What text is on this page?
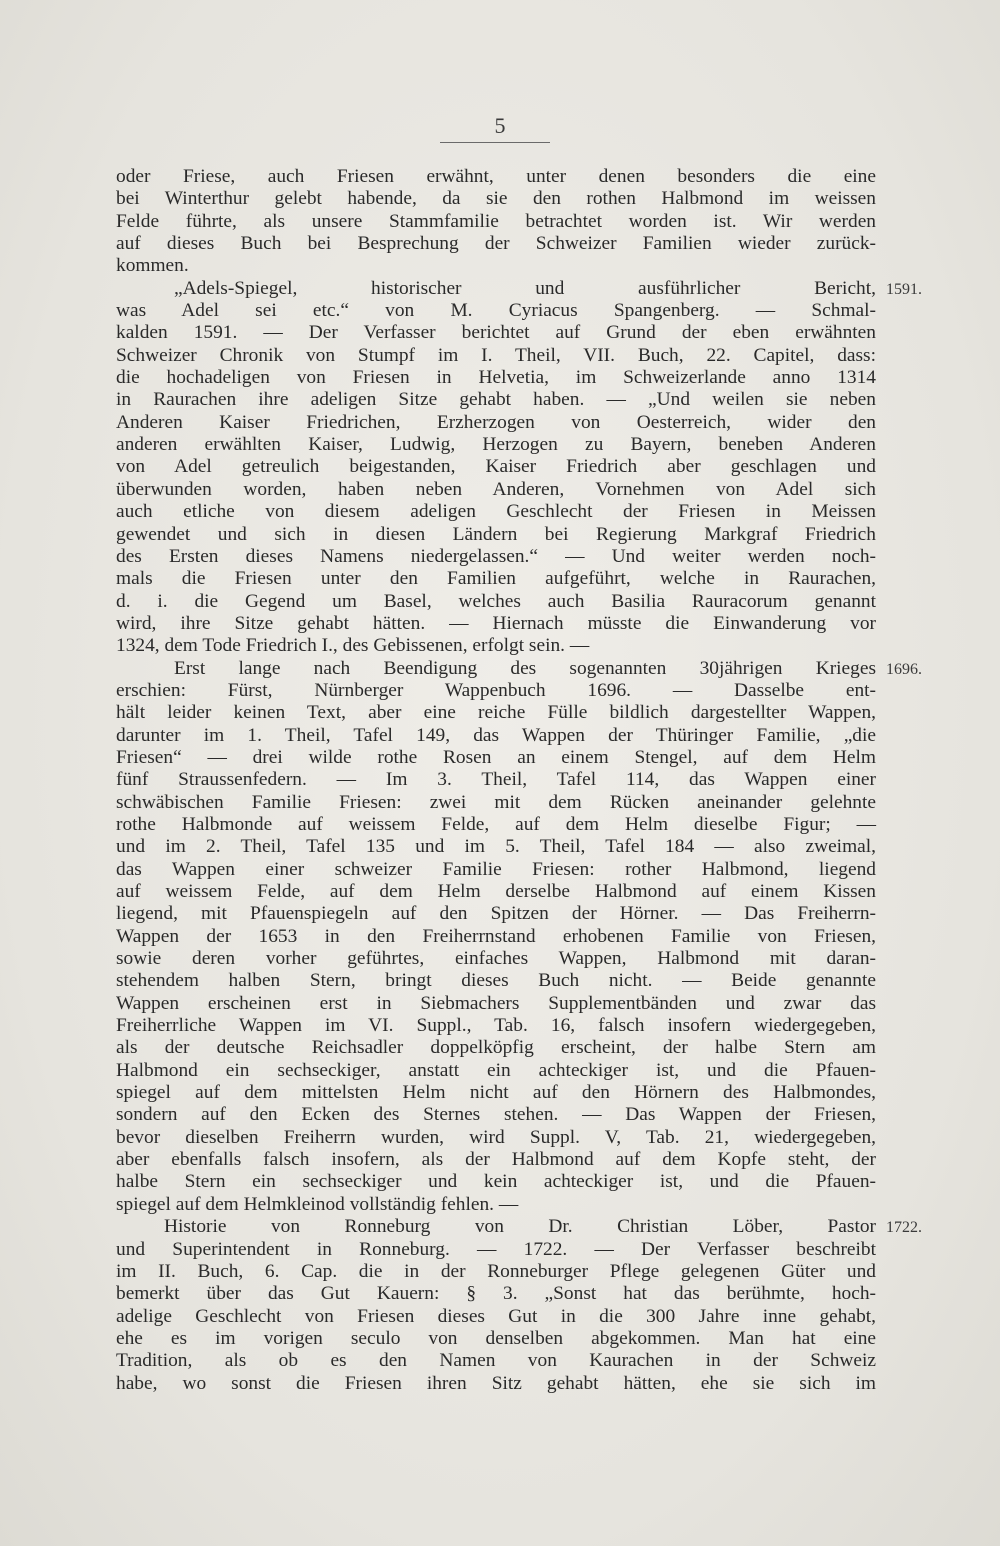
5
oder Friese, auch Friesen erwähnt, unter denen besonders die eine
bei Winterthur gelebt habende, da sie den rothen Halbmond im weissen
Felde führte, als unsere Stammfamilie betrachtet worden ist. Wir werden
auf dieses Buch bei Besprechung der Schweizer Familien wieder zurück-
kommen.
„Adels-Spiegel, historischer und ausführlicher Bericht,
was Adel sei etc.“ von M. Cyriacus Spangenberg. — Schmal-
kalden 1591. — Der Verfasser berichtet auf Grund der eben erwähnten
Schweizer Chronik von Stumpf im I. Theil, VII. Buch, 22. Capitel, dass:
die hochadeligen von Friesen in Helvetia, im Schweizerlande anno 1314
in Raurachen ihre adeligen Sitze gehabt haben. — „Und weilen sie neben
Anderen Kaiser Friedrichen, Erzherzogen von Oesterreich, wider den
anderen erwählten Kaiser, Ludwig, Herzogen zu Bayern, beneben Anderen
von Adel getreulich beigestanden, Kaiser Friedrich aber geschlagen und
überwunden worden, haben neben Anderen, Vornehmen von Adel sich
auch etliche von diesem adeligen Geschlecht der Friesen in Meissen
gewendet und sich in diesen Ländern bei Regierung Markgraf Friedrich
des Ersten dieses Namens niedergelassen.“ — Und weiter werden noch-
mals die Friesen unter den Familien aufgeführt, welche in Raurachen,
d. i. die Gegend um Basel, welches auch Basilia Rauracorum genannt
wird, ihre Sitze gehabt hätten. — Hiernach müsste die Einwanderung vor
1324, dem Tode Friedrich I., des Gebissenen, erfolgt sein. —
Erst lange nach Beendigung des sogenannten 30jährigen Krieges
erschien: Fürst, Nürnberger Wappenbuch 1696. — Dasselbe ent-
hält leider keinen Text, aber eine reiche Fülle bildlich dargestellter Wappen,
darunter im 1. Theil, Tafel 149, das Wappen der Thüringer Familie, „die
Friesen“ — drei wilde rothe Rosen an einem Stengel, auf dem Helm
fünf Straussenfedern. — Im 3. Theil, Tafel 114, das Wappen einer
schwäbischen Familie Friesen: zwei mit dem Rücken aneinander gelehnte
rothe Halbmonde auf weissem Felde, auf dem Helm dieselbe Figur; —
und im 2. Theil, Tafel 135 und im 5. Theil, Tafel 184 — also zweimal,
das Wappen einer schweizer Familie Friesen: rother Halbmond, liegend
auf weissem Felde, auf dem Helm derselbe Halbmond auf einem Kissen
liegend, mit Pfauenspiegeln auf den Spitzen der Hörner. — Das Freiherrn-
Wappen der 1653 in den Freiherrnstand erhobenen Familie von Friesen,
sowie deren vorher geführtes, einfaches Wappen, Halbmond mit daran-
stehendem halben Stern, bringt dieses Buch nicht. — Beide genannte
Wappen erscheinen erst in Siebmachers Supplementbänden und zwar das
Freiherrliche Wappen im VI. Suppl., Tab. 16, falsch insofern wiedergegeben,
als der deutsche Reichsadler doppelköpfig erscheint, der halbe Stern am
Halbmond ein sechseckiger, anstatt ein achteckiger ist, und die Pfauen-
spiegel auf dem mittelsten Helm nicht auf den Hörnern des Halbmondes,
sondern auf den Ecken des Sternes stehen. — Das Wappen der Friesen,
bevor dieselben Freiherrn wurden, wird Suppl. V, Tab. 21, wiedergegeben,
aber ebenfalls falsch insofern, als der Halbmond auf dem Kopfe steht, der
halbe Stern ein sechseckiger und kein achteckiger ist, und die Pfauen-
spiegel auf dem Helmkleinod vollständig fehlen. —
Historie von Ronneburg von Dr. Christian Löber, Pastor
und Superintendent in Ronneburg. — 1722. — Der Verfasser beschreibt
im II. Buch, 6. Cap. die in der Ronneburger Pflege gelegenen Güter und
bemerkt über das Gut Kauern: § 3. „Sonst hat das berühmte, hoch-
adelige Geschlecht von Friesen dieses Gut in die 300 Jahre inne gehabt,
ehe es im vorigen seculo von denselben abgekommen. Man hat eine
Tradition, als ob es den Namen von Kaurachen in der Schweiz
habe, wo sonst die Friesen ihren Sitz gehabt hätten, ehe sie sich im
1591.
1696.
1722.
